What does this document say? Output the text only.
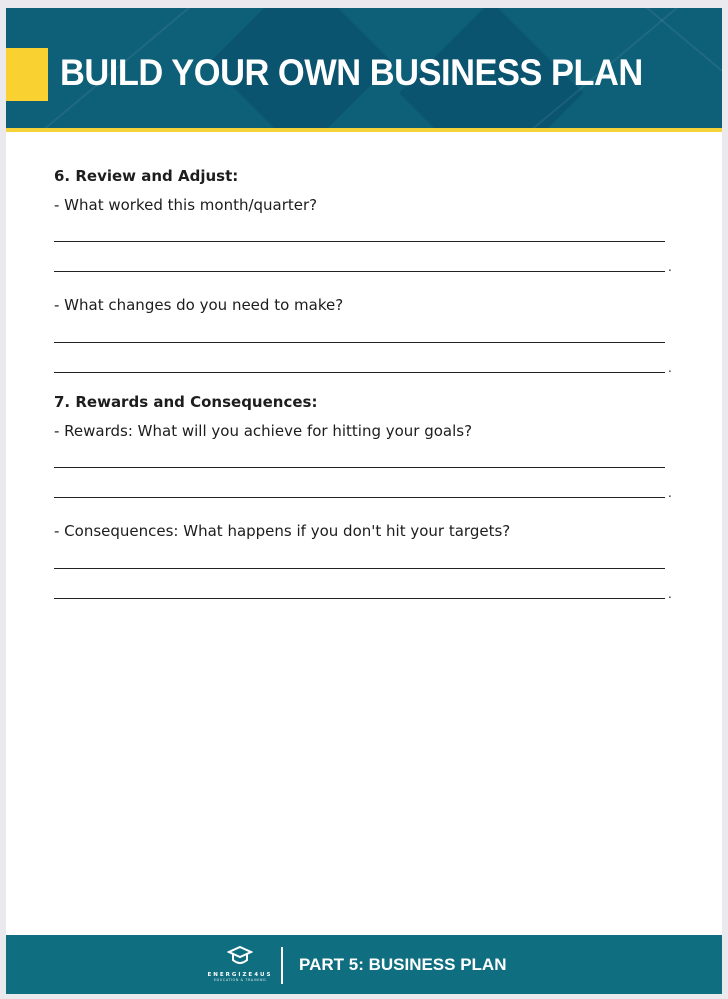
BUILD YOUR OWN BUSINESS PLAN
6. Review and Adjust:
- What worked this month/quarter?
.
- What changes do you need to make?
.
7. Rewards and Consequences:
- Rewards: What will you achieve for hitting your goals?
.
- Consequences: What happens if you don't hit your targets?
.
ENERGIZE4US
EDUCATION & TRAINING
PART 5: BUSINESS PLAN
